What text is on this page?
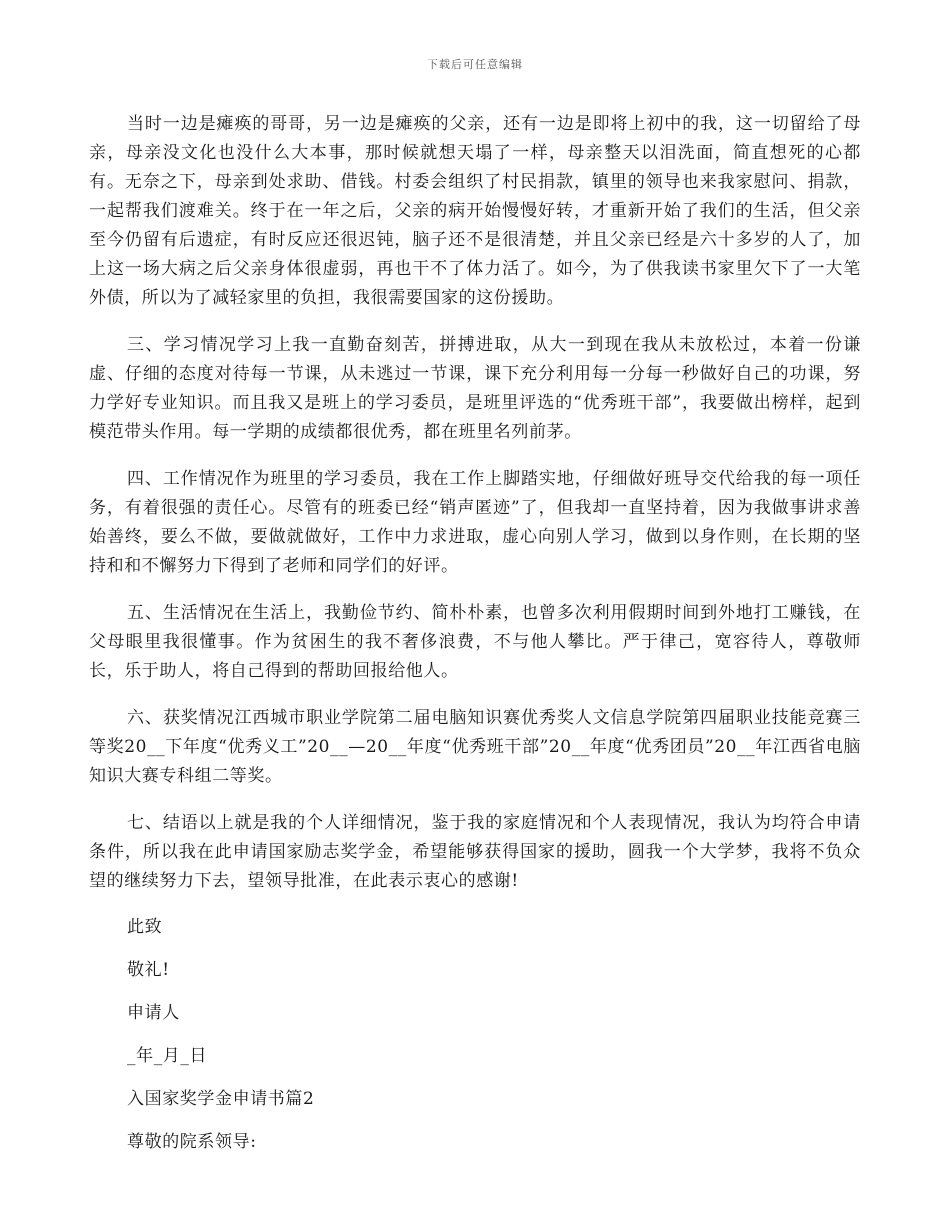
下载后可任意编辑

当时一边是瘫痪的哥哥，另一边是瘫痪的父亲，还有一边是即将上初中的我，这一切留给了母亲，母亲没文化也没什么大本事，那时候就想天塌了一样，母亲整天以泪洗面，简直想死的心都有。无奈之下，母亲到处求助、借钱。村委会组织了村民捐款，镇里的领导也来我家慰问、捐款，一起帮我们渡难关。终于在一年之后，父亲的病开始慢慢好转，才重新开始了我们的生活，但父亲至今仍留有后遗症，有时反应还很迟钝，脑子还不是很清楚，并且父亲已经是六十多岁的人了，加上这一场大病之后父亲身体很虚弱，再也干不了体力活了。如今，为了供我读书家里欠下了一大笔外债，所以为了减轻家里的负担，我很需要国家的这份援助。

三、学习情况学习上我一直勤奋刻苦，拼搏进取，从大一到现在我从未放松过，本着一份谦虚、仔细的态度对待每一节课，从未逃过一节课，课下充分利用每一分每一秒做好自己的功课，努力学好专业知识。而且我又是班上的学习委员，是班里评选的“优秀班干部”，我要做出榜样，起到模范带头作用。每一学期的成绩都很优秀，都在班里名列前茅。

四、工作情况作为班里的学习委员，我在工作上脚踏实地，仔细做好班导交代给我的每一项任务，有着很强的责任心。尽管有的班委已经“销声匿迹”了，但我却一直坚持着，因为我做事讲求善始善终，要么不做，要做就做好，工作中力求进取，虚心向别人学习，做到以身作则，在长期的坚持和和不懈努力下得到了老师和同学们的好评。

五、生活情况在生活上，我勤俭节约、简朴朴素，也曾多次利用假期时间到外地打工赚钱，在父母眼里我很懂事。作为贫困生的我不奢侈浪费，不与他人攀比。严于律己，宽容待人，尊敬师长，乐于助人，将自己得到的帮助回报给他人。

六、获奖情况江西城市职业学院第二届电脑知识赛优秀奖人文信息学院第四届职业技能竞赛三等奖20__下年度“优秀义工”20__—20__年度“优秀班干部”20__年度“优秀团员”20__年江西省电脑知识大赛专科组二等奖。

七、结语以上就是我的个人详细情况，鉴于我的家庭情况和个人表现情况，我认为均符合申请条件，所以我在此申请国家励志奖学金，希望能够获得国家的援助，圆我一个大学梦，我将不负众望的继续努力下去，望领导批准，在此表示衷心的感谢!

此致
敬礼!
申请人
_年_月_日
入国家奖学金申请书篇2
尊敬的院系领导:
